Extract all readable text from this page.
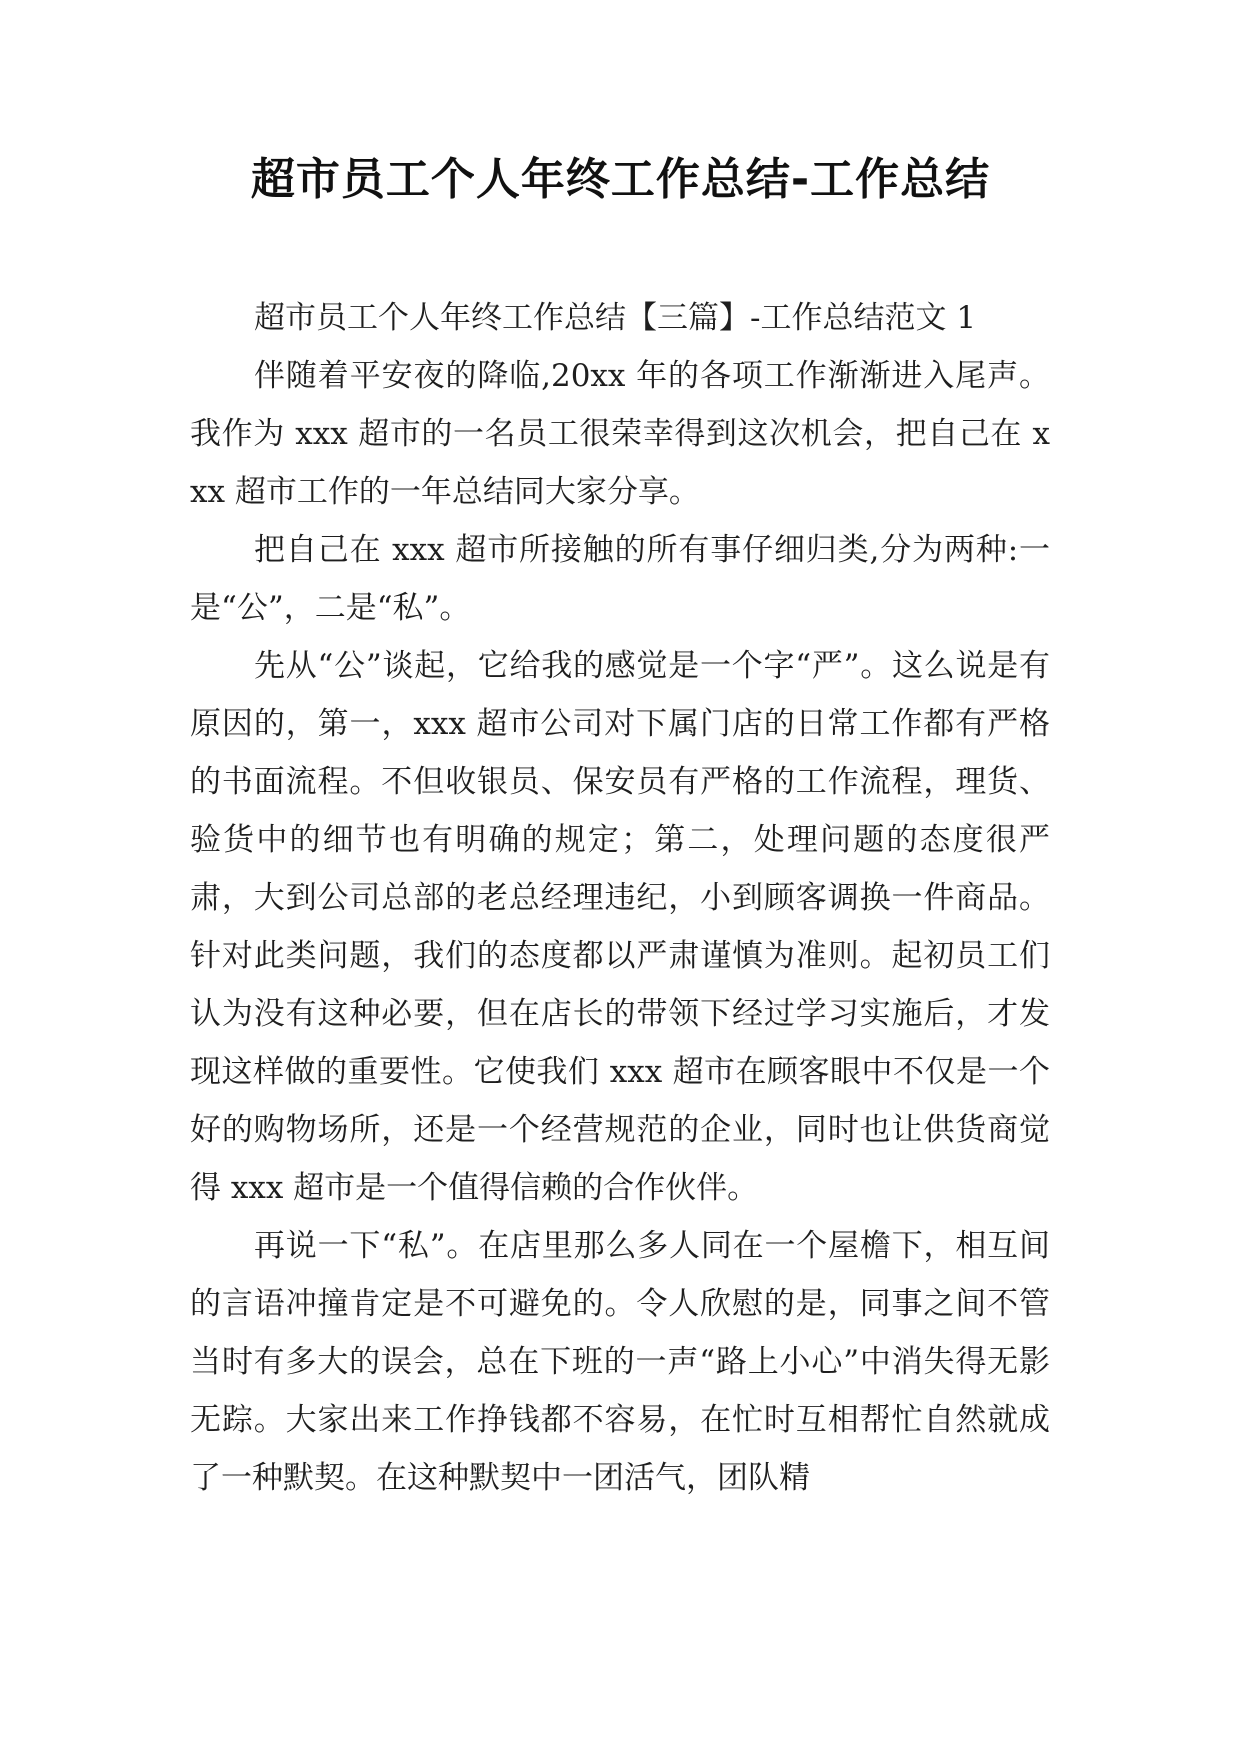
超市员工个人年终工作总结-工作总结

超市员工个人年终工作总结【三篇】-工作总结范文 1

伴随着平安夜的降临,20xx 年的各项工作渐渐进入尾声。我作为 xxx 超市的一名员工很荣幸得到这次机会，把自己在 xxx 超市工作的一年总结同大家分享。

把自己在 xxx 超市所接触的所有事仔细归类,分为两种:一是“公”，二是“私”。

先从“公”谈起，它给我的感觉是一个字“严”。这么说是有原因的，第一，xxx 超市公司对下属门店的日常工作都有严格的书面流程。不但收银员、保安员有严格的工作流程，理货、验货中的细节也有明确的规定；第二，处理问题的态度很严肃，大到公司总部的老总经理违纪，小到顾客调换一件商品。针对此类问题，我们的态度都以严肃谨慎为准则。起初员工们认为没有这种必要，但在店长的带领下经过学习实施后，才发现这样做的重要性。它使我们 xxx 超市在顾客眼中不仅是一个好的购物场所，还是一个经营规范的企业，同时也让供货商觉得 xxx 超市是一个值得信赖的合作伙伴。

再说一下“私”。在店里那么多人同在一个屋檐下，相互间的言语冲撞肯定是不可避免的。令人欣慰的是，同事之间不管当时有多大的误会，总在下班的一声“路上小心”中消失得无影无踪。大家出来工作挣钱都不容易，在忙时互相帮忙自然就成了一种默契。在这种默契中一团活气，团队精
